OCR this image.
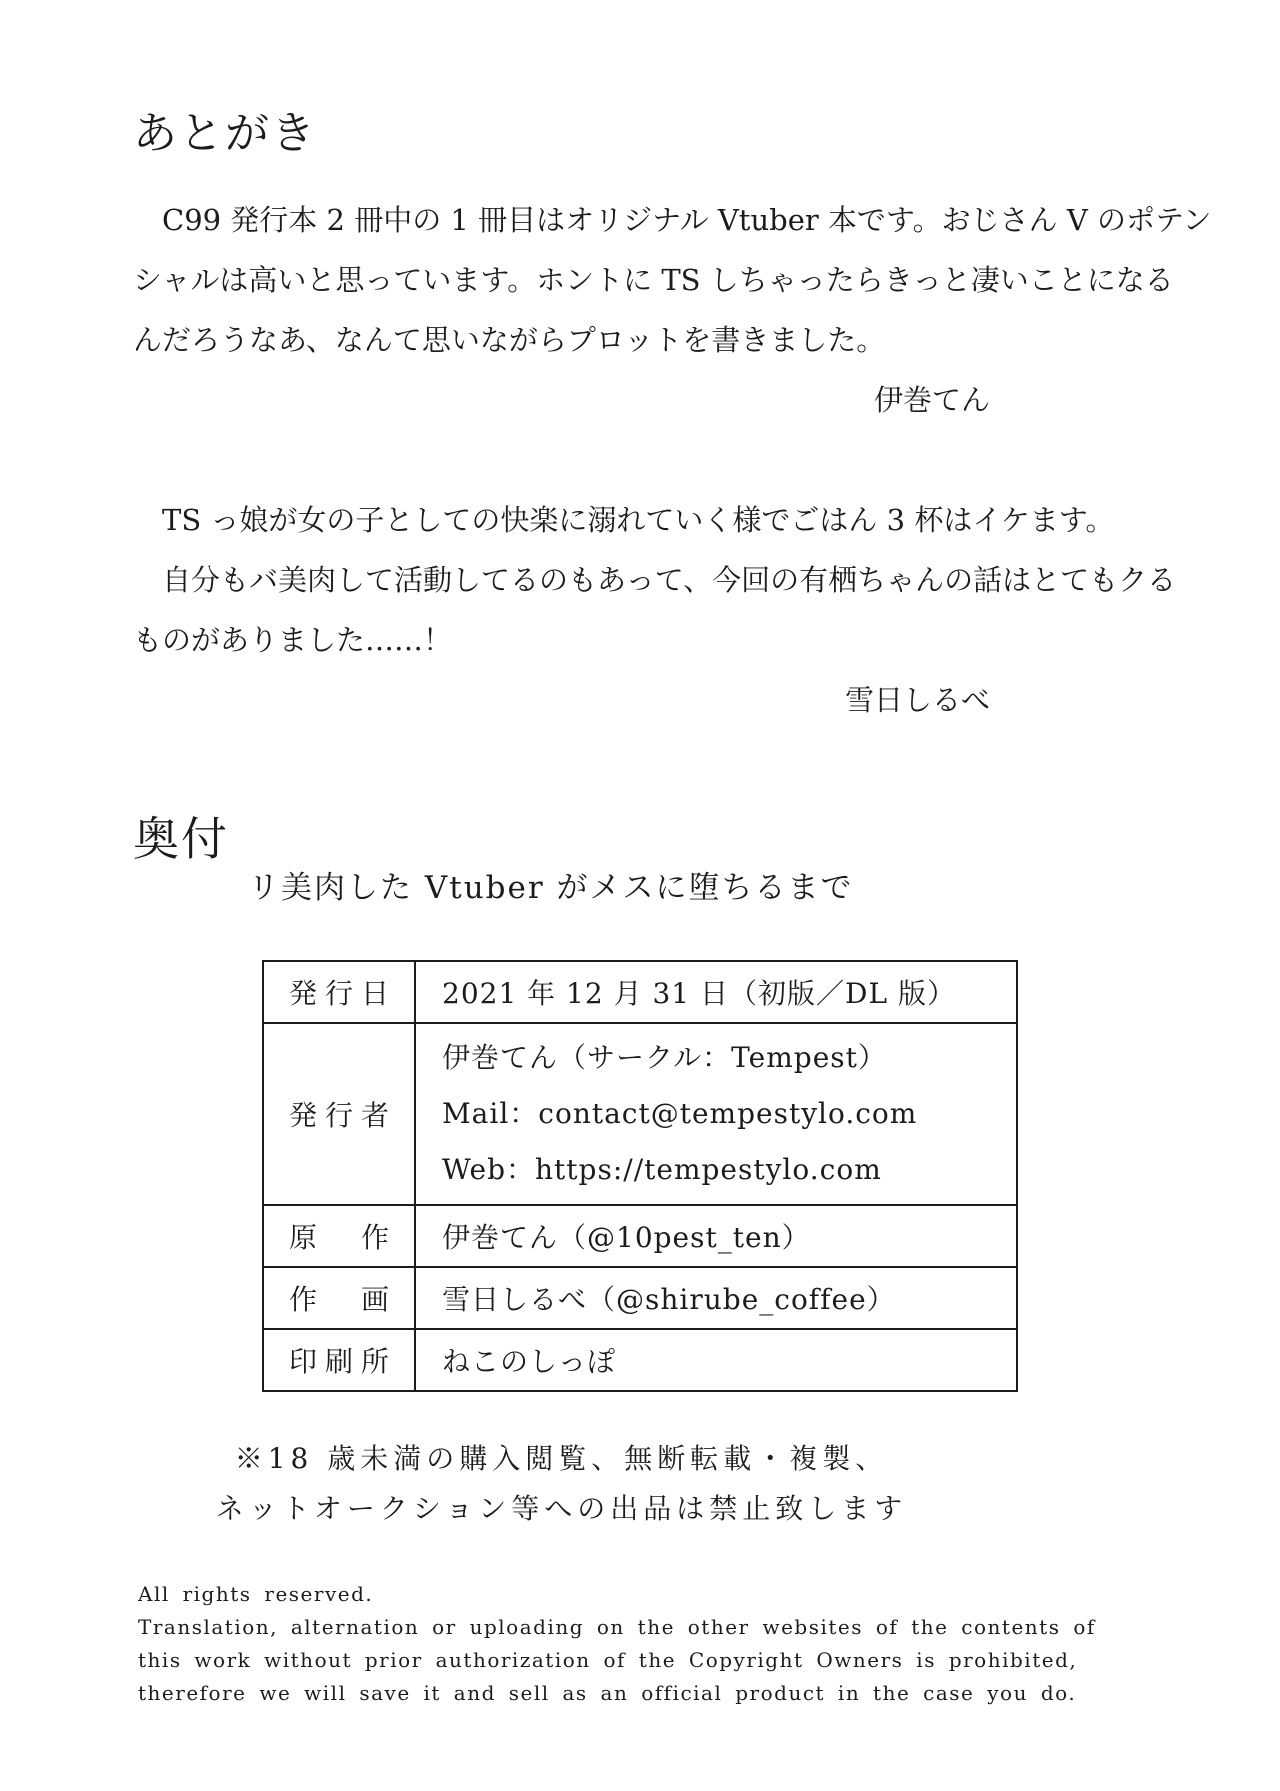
あとがき
　C99 発行本 2 冊中の 1 冊目はオリジナル Vtuber 本です。おじさん V のポテン
シャルは高いと思っています。ホントに TS しちゃったらきっと凄いことになる
んだろうなあ、なんて思いながらプロットを書きました。
伊巻てん
　TS っ娘が女の子としての快楽に溺れていく様でごはん 3 杯はイケます。
　自分もバ美肉して活動してるのもあって、今回の有栖ちゃんの話はとてもクる
ものがありました……！
雪日しるべ
奥付
リ美肉した Vtuber がメスに堕ちるまで
発行日	2021 年 12 月 31 日（初版／DL 版）

発行者	伊巻てん（サークル：Tempest）
Mail：contact@tempestylo.com
Web：https://tempestylo.com

原作	伊巻てん（@10pest_ten）

作画	雪日しるべ（@shirube_coffee）

印刷所	ねこのしっぽ
※18 歳未満の購入閲覧、無断転載・複製、
ネットオークション等への出品は禁止致します
All rights reserved.
Translation, alternation or uploading on the other websites of the contents of
this work without prior authorization of the Copyright Owners is prohibited,
therefore we will save it and sell as an official product in the case you do.
